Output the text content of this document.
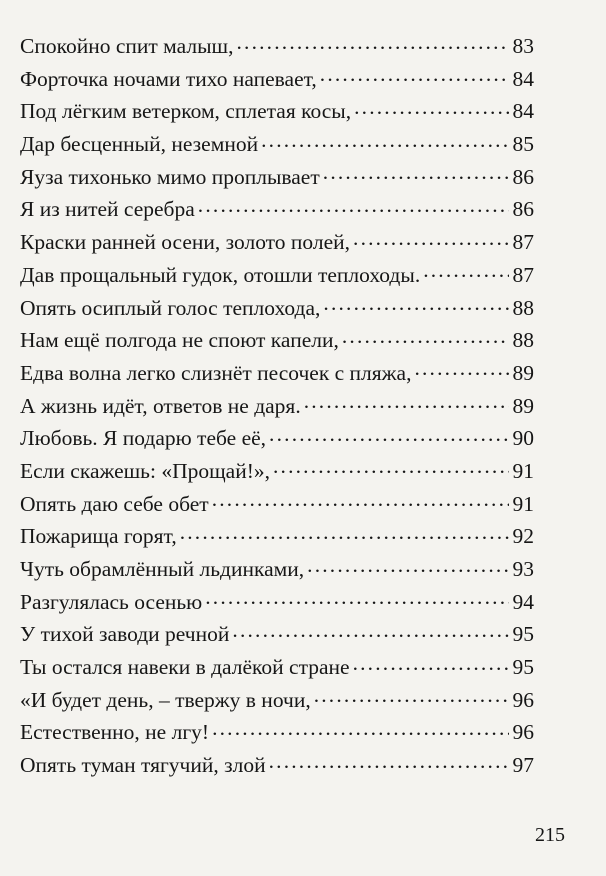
Спокойно спит малыш, . . .	83
Форточка ночами тихо напевает, . . .	84
Под лёгким ветерком, сплетая косы, . . .	84
Дар бесценный, неземной . . .	85
Яуза тихонько мимо проплывает . . .	86
Я из нитей серебра . . .	86
Краски ранней осени, золото полей, . . .	87
Дав прощальный гудок, отошли теплоходы. . . .	87
Опять осиплый голос теплохода, . . .	88
Нам ещё полгода не споют капели, . . .	88
Едва волна легко слизнёт песочек с пляжа, . . .	89
А жизнь идёт, ответов не даря. . . .	89
Любовь. Я подарю тебе её, . . .	90
Если скажешь: «Прощай!», . . .	91
Опять даю себе обет . . .	91
Пожарища горят, . . .	92
Чуть обрамлённый льдинками, . . .	93
Разгулялась осенью . . .	94
У тихой заводи речной . . .	95
Ты остался навеки в далёкой стране . . .	95
«И будет день, – твержу в ночи, . . .	96
Естественно, не лгу! . . .	96
Опять туман тягучий, злой . . .	97
215
